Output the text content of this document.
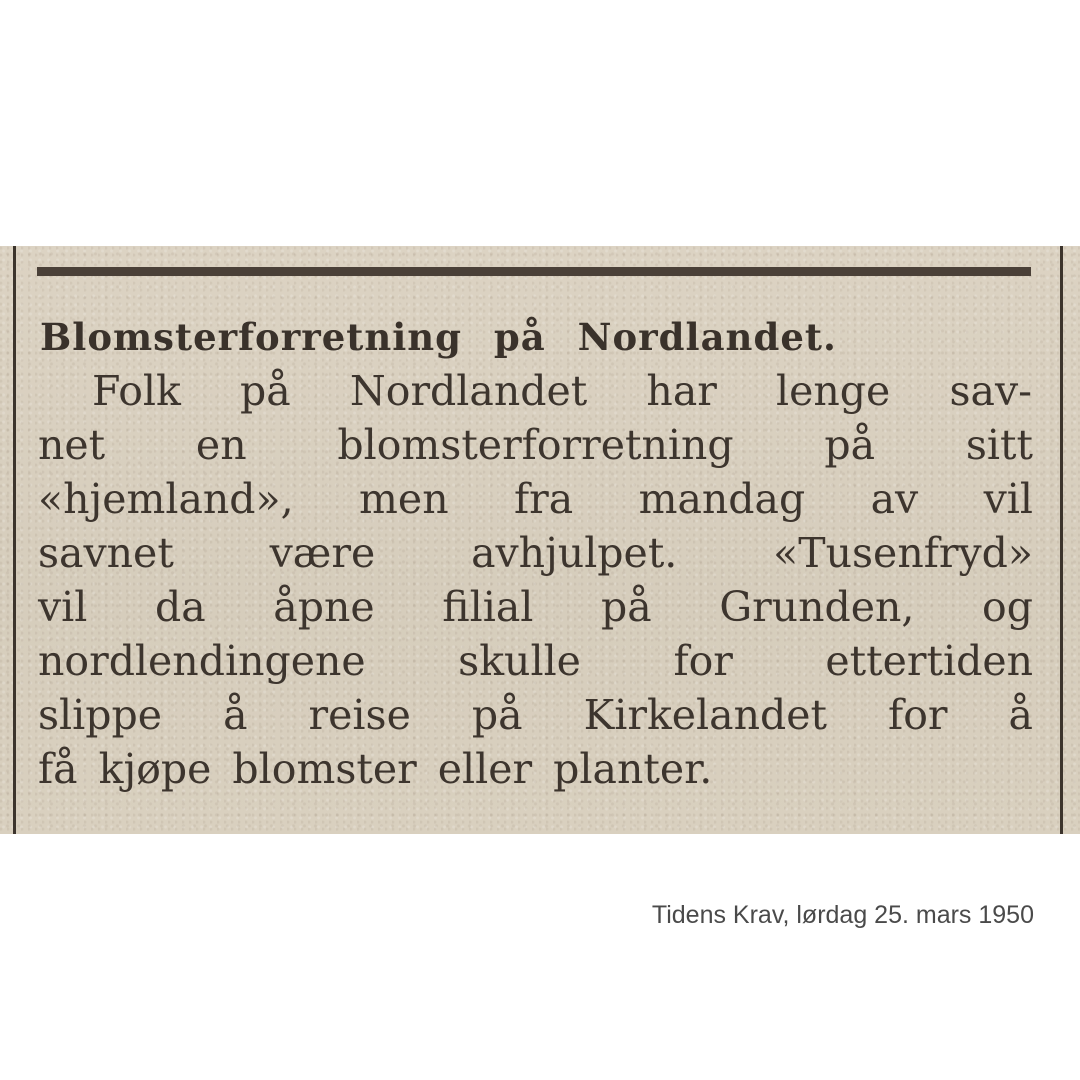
Blomsterforretning på Nordlandet.
Folk på Nordlandet har lenge sav-
net en blomsterforretning på sitt
«hjemland», men fra mandag av vil
savnet være avhjulpet. «Tusenfryd»
vil da åpne filial på Grunden, og
nordlendingene skulle for ettertiden
slippe å reise på Kirkelandet for å
få kjøpe blomster eller planter.
Tidens Krav, lørdag 25. mars 1950
